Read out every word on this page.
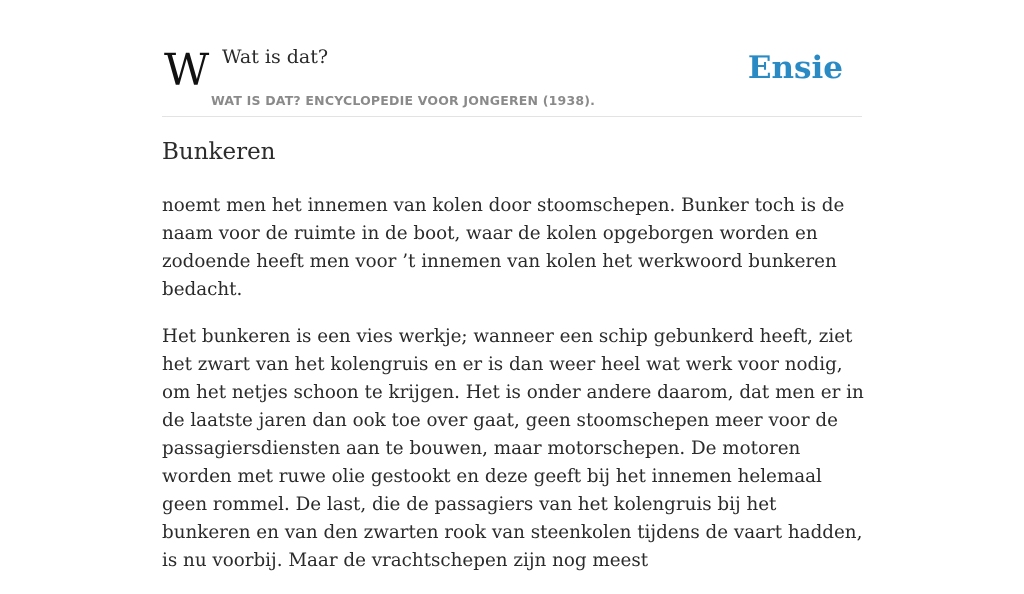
W Wat is dat?
WAT IS DAT? ENCYCLOPEDIE VOOR JONGEREN (1938).
Ensie
Bunkeren

noemt men het innemen van kolen door stoomschepen. Bunker toch is de naam voor de ruimte in de boot, waar de kolen opgeborgen worden en zodoende heeft men voor ’t innemen van kolen het werkwoord bunkeren bedacht.

Het bunkeren is een vies werkje; wanneer een schip gebunkerd heeft, ziet het zwart van het kolengruis en er is dan weer heel wat werk voor nodig, om het netjes schoon te krijgen. Het is onder andere daarom, dat men er in de laatste jaren dan ook toe over gaat, geen stoomschepen meer voor de passagiersdiensten aan te bouwen, maar motorschepen. De motoren worden met ruwe olie gestookt en deze geeft bij het innemen helemaal geen rommel. De last, die de passagiers van het kolengruis bij het bunkeren en van den zwarten rook van steenkolen tijdens de vaart hadden, is nu voorbij. Maar de vrachtschepen zijn nog meest
